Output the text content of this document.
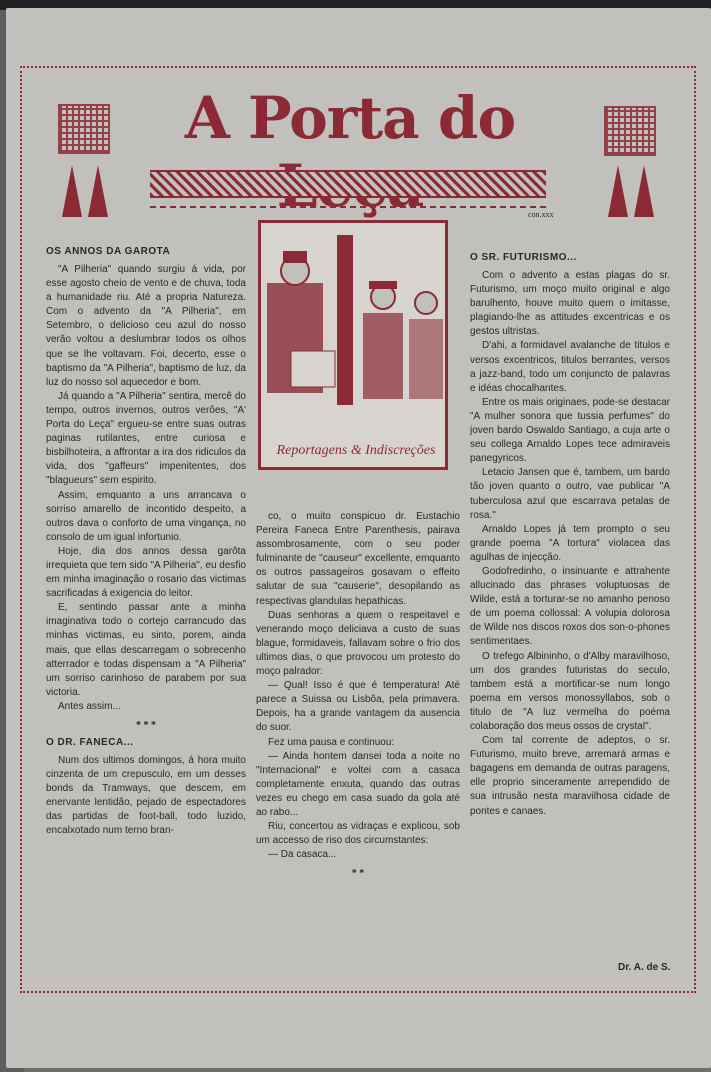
A Porta do
con.xxx
Reportagens & Indiscreções
OS ANNOS DA GAROTA

"A Pilheria" quando surgiu á vida, por esse agosto cheio de vento e de chuva, toda a humanidade riu. Até a propria Natureza. Com o advento da "A Pilheria", em Setembro, o delicioso ceu azul do nosso verão voltou a deslumbrar todos os olhos que se lhe voltavam. Foi, decerto, esse o baptismo da "A Pilheria", baptismo de luz, da luz do nosso sol aquecedor e bom.

Já quando a "A Pilheria" sentira, mercê do tempo, outros invernos, outros verões, "A' Porta do Leça" ergueu-se entre suas outras paginas rutilantes, entre curiosa e bisbilhoteira, a affrontar a ira dos ridiculos da vida, dos "gaffeurs" impenitentes, dos "blagueurs" sem espirito.

Assim, emquanto a uns arrancava o sorriso amarello de incontido despeito, a outros dava o conforto de uma vingança, no consolo de um igual infortunio.

Hoje, dia dos annos dessa garôta irrequieta que tem sido "A Pilheria", eu desfio em minha imaginação o rosario das victimas sacrificadas á exigencia do leitor.

E, sentindo passar ante a minha imaginativa todo o cortejo carrancudo das minhas victimas, eu sinto, porem, ainda mais, que ellas descarregam o sobrecenho atterrador e todas dispensam a "A Pilheria" um sorriso carinhoso de parabem por sua victoria.

Antes assim...

* * *
O DR. FANECA...

Num dos ultimos domingos, á hora muito cinzenta de um crepusculo, em um desses bonds da Tramways, que descem, em enervante lentidão, pejado de espectadores das partidas de foot-ball, todo luzido, encalxotado num terno bran-

co, o muito conspicuo dr. Eustachio Pereira Faneca Entre Parenthesis, pairava assombrosamente, com o seu poder fulminante de "causeur" excellente, emquanto os outros passageiros gosavam o effeito salutar de sua "causerie", desopilando as respectivas glandulas hepathicas.

Duas senhoras a quem o respeitavel e venerando moço deliciava a custo de suas blague, formidaveis, fallavam sobre o frio dos ultimos dias, o que provocou um protesto do moço palrador:

— Qual! Isso é que é temperatura! Até parece a Suissa ou Lisbôa, pela primavera. Depois, ha a grande vantagem da ausencia do suor.

Fez uma pausa e continuou:

— Ainda hontem dansei toda a noite no "Internacional" e voltei com a casaca completamente enxuta, quando das outras vezes eu chego em casa suado da gola até ao rabo...

Riu, concertou as vidraças e explicou, sob um accesso de riso dos circumstantes:

— Da casaca...

* *
O SR. FUTURISMO...

Com o advento a estas plagas do sr. Futurismo, um moço muito original e algo barulhento, houve muito quem o imitasse, plagiando-lhe as attitudes excentricas e os gestos ultristas.

D'ahi, a formidavel avalanche de titulos e versos excentricos, titulos berrantes, versos a jazz-band, todo um conjuncto de palavras e idéas chocalhantes.

Entre os mais originaes, pode-se destacar "A mulher sonora que tussia perfumes" do joven bardo Oswaldo Santiago, a cuja arte o seu collega Arnaldo Lopes tece admiraveis panegyricos.

Letacio Jansen que é, tambem, um bardo tão joven quanto o outro, vae publicar "A tuberculosa azul que escarrava petalas de rosa."

Arnaldo Lopes já tem prompto o seu grande poema "A tortura" violacea das agulhas de injecção.

Godofredinho, o insinuante e attrahente allucinado das phrases voluptuosas de Wilde, está a torturar-se no amanho penoso de um poema collossal: A volupia dolorosa de Wilde nos discos roxos dos son-o-phones sentimentaes.

O trefego Albininho, o d'Alby maravilhoso, um dos grandes futuristas do seculo, tambem está a mortificar-se num longo poema em versos monossyllabos, sob o titulo de "A luz vermelha do poéma colaboração dos meus ossos de crystal".

Com tal corrente de adeptos, o sr. Futurismo, muito breve, arremará armas e bagagens em demanda de outras paragens, elle proprio sinceramente arrependido de sua intrusão nesta maravilhosa cidade de pontes e canaes.

Dr. A. de S.
